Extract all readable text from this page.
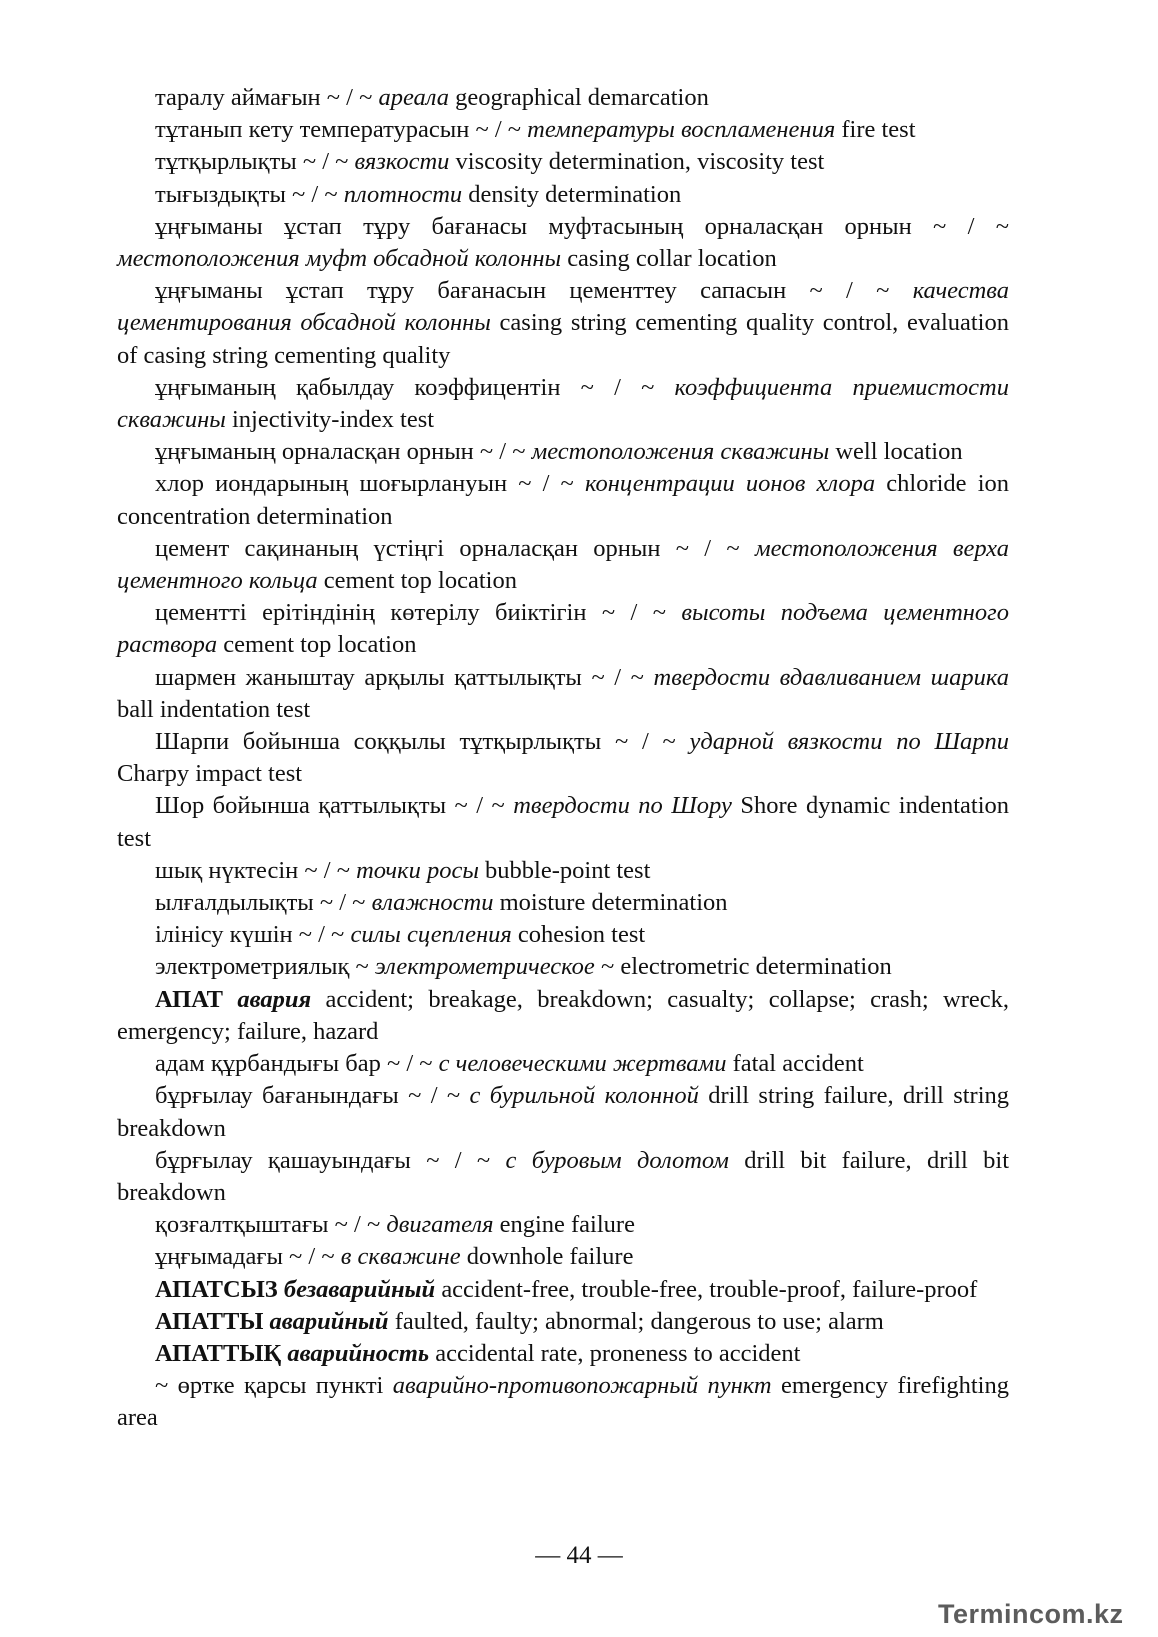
таралу аймағын ~ / ~ ареала geographical demarcation

тұтанып кету температурасын ~ / ~ температуры воспламенения fire test

тұтқырлықты ~ / ~ вязкости viscosity determination, viscosity test

тығыздықты ~ / ~ плотности density determination

ұңғыманы ұстап тұру бағанасы муфтасының орналасқан орнын ~ / ~ местоположения муфт обсадной колонны casing collar location

ұңғыманы ұстап тұру бағанасын цементтеу сапасын ~ / ~ качества цементирования обсадной колонны casing string cementing quality control, evaluation of casing string cementing quality

ұңғыманың қабылдау коэффицентін ~ / ~ коэффициента приемистости скважины injectivity-index test

ұңғыманың орналасқан орнын ~ / ~ местоположения скважины well location

хлор иондарының шоғырлануын ~ / ~ концентрации ионов хлора chloride ion concentration determination

цемент сақинаның үстіңгі орналасқан орнын ~ / ~ местоположения верха цементного кольца cement top location

цементті ерітіндінің көтерілу биіктігін ~ / ~ высоты подъема цементного раствора cement top location

шармен жаныштау арқылы қаттылықты ~ / ~ твердости вдавливанием шарика ball indentation test

Шарпи бойынша соққылы тұтқырлықты ~ / ~ ударной вязкости по Шарпи Charpy impact test

Шор бойынша қаттылықты ~ / ~ твердости по Шору Shore dynamic indentation test

шық нүктесін ~ / ~ точки росы bubble-point test

ылғалдылықты ~ / ~ влажности moisture determination

ілінісу күшін ~ / ~ силы сцепления cohesion test

электрометриялық ~ электрометрическое ~ electrometric determination

АПАТ авария accident; breakage, breakdown; casualty; collapse; crash; wreck, emergency; failure, hazard

адам құрбандығы бар ~ / ~ с человеческими жертвами fatal accident

бұрғылау бағанындағы ~ / ~ с бурильной колонной drill string failure, drill string breakdown

бұрғылау қашауындағы ~ / ~ с буровым долотом drill bit failure, drill bit breakdown

қозғалтқыштағы ~ / ~ двигателя engine failure

ұңғымадағы ~ / ~ в скважине downhole failure

АПАТСЫЗ безаварийный accident-free, trouble-free, trouble-proof, failure-proof

АПАТТЫ аварийный faulted, faulty; abnormal; dangerous to use; alarm

АПАТТЫҚ аварийность accidental rate, proneness to accident

~ өртке қарсы пункті аварийно-противопожарный пункт emergency firefighting area

— 44 —
Termincom.kz
